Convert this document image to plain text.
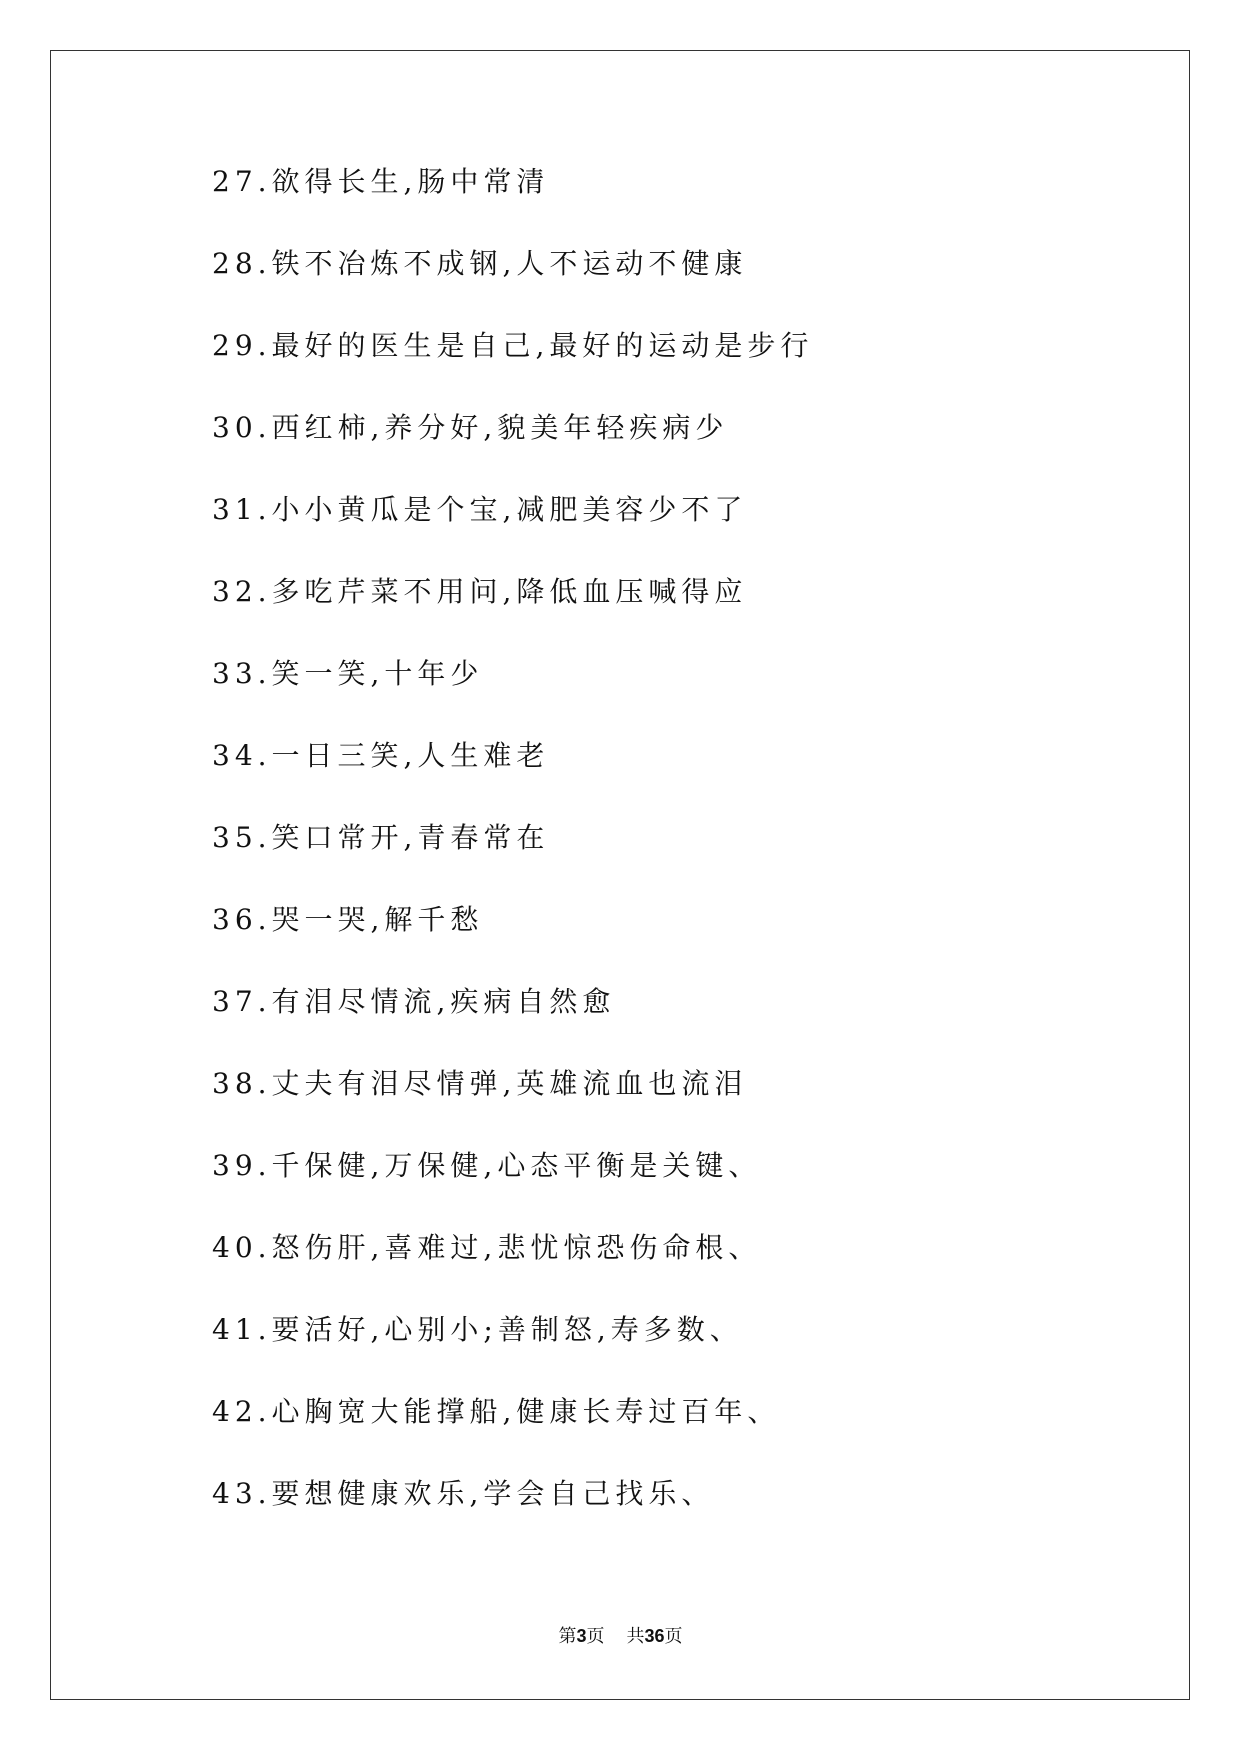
27.欲得长生,肠中常清
28.铁不冶炼不成钢,人不运动不健康
29.最好的医生是自己,最好的运动是步行
30.西红柿,养分好,貌美年轻疾病少
31.小小黄瓜是个宝,减肥美容少不了
32.多吃芹菜不用问,降低血压喊得应
33.笑一笑,十年少
34.一日三笑,人生难老
35.笑口常开,青春常在
36.哭一哭,解千愁
37.有泪尽情流,疾病自然愈
38.丈夫有泪尽情弹,英雄流血也流泪
39.千保健,万保健,心态平衡是关键、
40.怒伤肝,喜难过,悲忧惊恐伤命根、
41.要活好,心别小;善制怒,寿多数、
42.心胸宽大能撑船,健康长寿过百年、
43.要想健康欢乐,学会自己找乐、
第3页 共36页
